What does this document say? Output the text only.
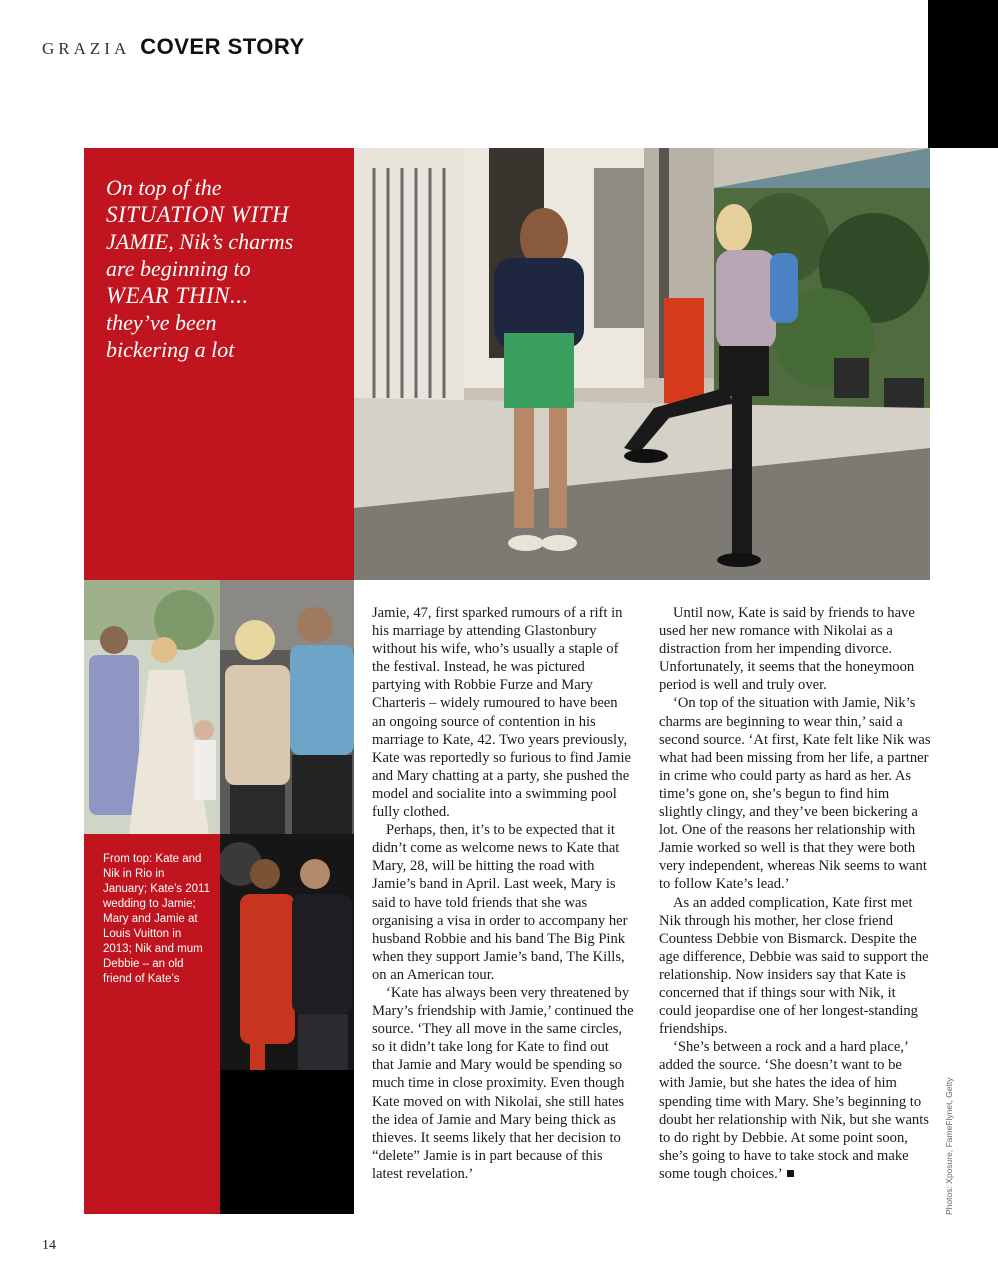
GRAZIA COVER STORY
On top of the
SITUATION WITH
JAMIE, Nik’s charms
are beginning to
WEAR THIN...
they’ve been
bickering a lot
From top: Kate and Nik in Rio in January; Kate’s 2011 wedding to Jamie; Mary and Jamie at Louis Vuitton in 2013; Nik and mum Debbie – an old friend of Kate’s

Jamie, 47, first sparked rumours of a rift in his marriage by attending Glastonbury without his wife, who’s usually a staple of the festival. Instead, he was pictured partying with Robbie Furze and Mary Charteris – widely rumoured to have been an ongoing source of contention in his marriage to Kate, 42. Two years previously, Kate was reportedly so furious to find Jamie and Mary chatting at a party, she pushed the model and socialite into a swimming pool fully clothed.

Perhaps, then, it’s to be expected that it didn’t come as welcome news to Kate that Mary, 28, will be hitting the road with Jamie’s band in April. Last week, Mary is said to have told friends that she was organising a visa in order to accompany her husband Robbie and his band The Big Pink when they support Jamie’s band, The Kills, on an American tour.

‘Kate has always been very threatened by Mary’s friendship with Jamie,’ continued the source. ‘They all move in the same circles, so it didn’t take long for Kate to find out that Jamie and Mary would be spending so much time in close proximity. Even though Kate moved on with Nikolai, she still hates the idea of Jamie and Mary being thick as thieves. It seems likely that her decision to “delete” Jamie is in part because of this latest revelation.’

Until now, Kate is said by friends to have used her new romance with Nikolai as a distraction from her impending divorce. Unfortunately, it seems that the honeymoon period is well and truly over.

‘On top of the situation with Jamie, Nik’s charms are beginning to wear thin,’ said a second source. ‘At first, Kate felt like Nik was what had been missing from her life, a partner in crime who could party as hard as her. As time’s gone on, she’s begun to find him slightly clingy, and they’ve been bickering a lot. One of the reasons her relationship with Jamie worked so well is that they were both very independent, whereas Nik seems to want to follow Kate’s lead.’

As an added complication, Kate first met Nik through his mother, her close friend Countess Debbie von Bismarck. Despite the age difference, Debbie was said to support the relationship. Now insiders say that Kate is concerned that if things sour with Nik, it could jeopardise one of her longest-standing friendships.

‘She’s between a rock and a hard place,’ added the source. ‘She doesn’t want to be with Jamie, but she hates the idea of him spending time with Mary. She’s beginning to doubt her relationship with Nik, but she wants to do right by Debbie. At some point soon, she’s going to have to take stock and make some tough choices.’	Photos: Xposure, FameFlynet, Getty
14
